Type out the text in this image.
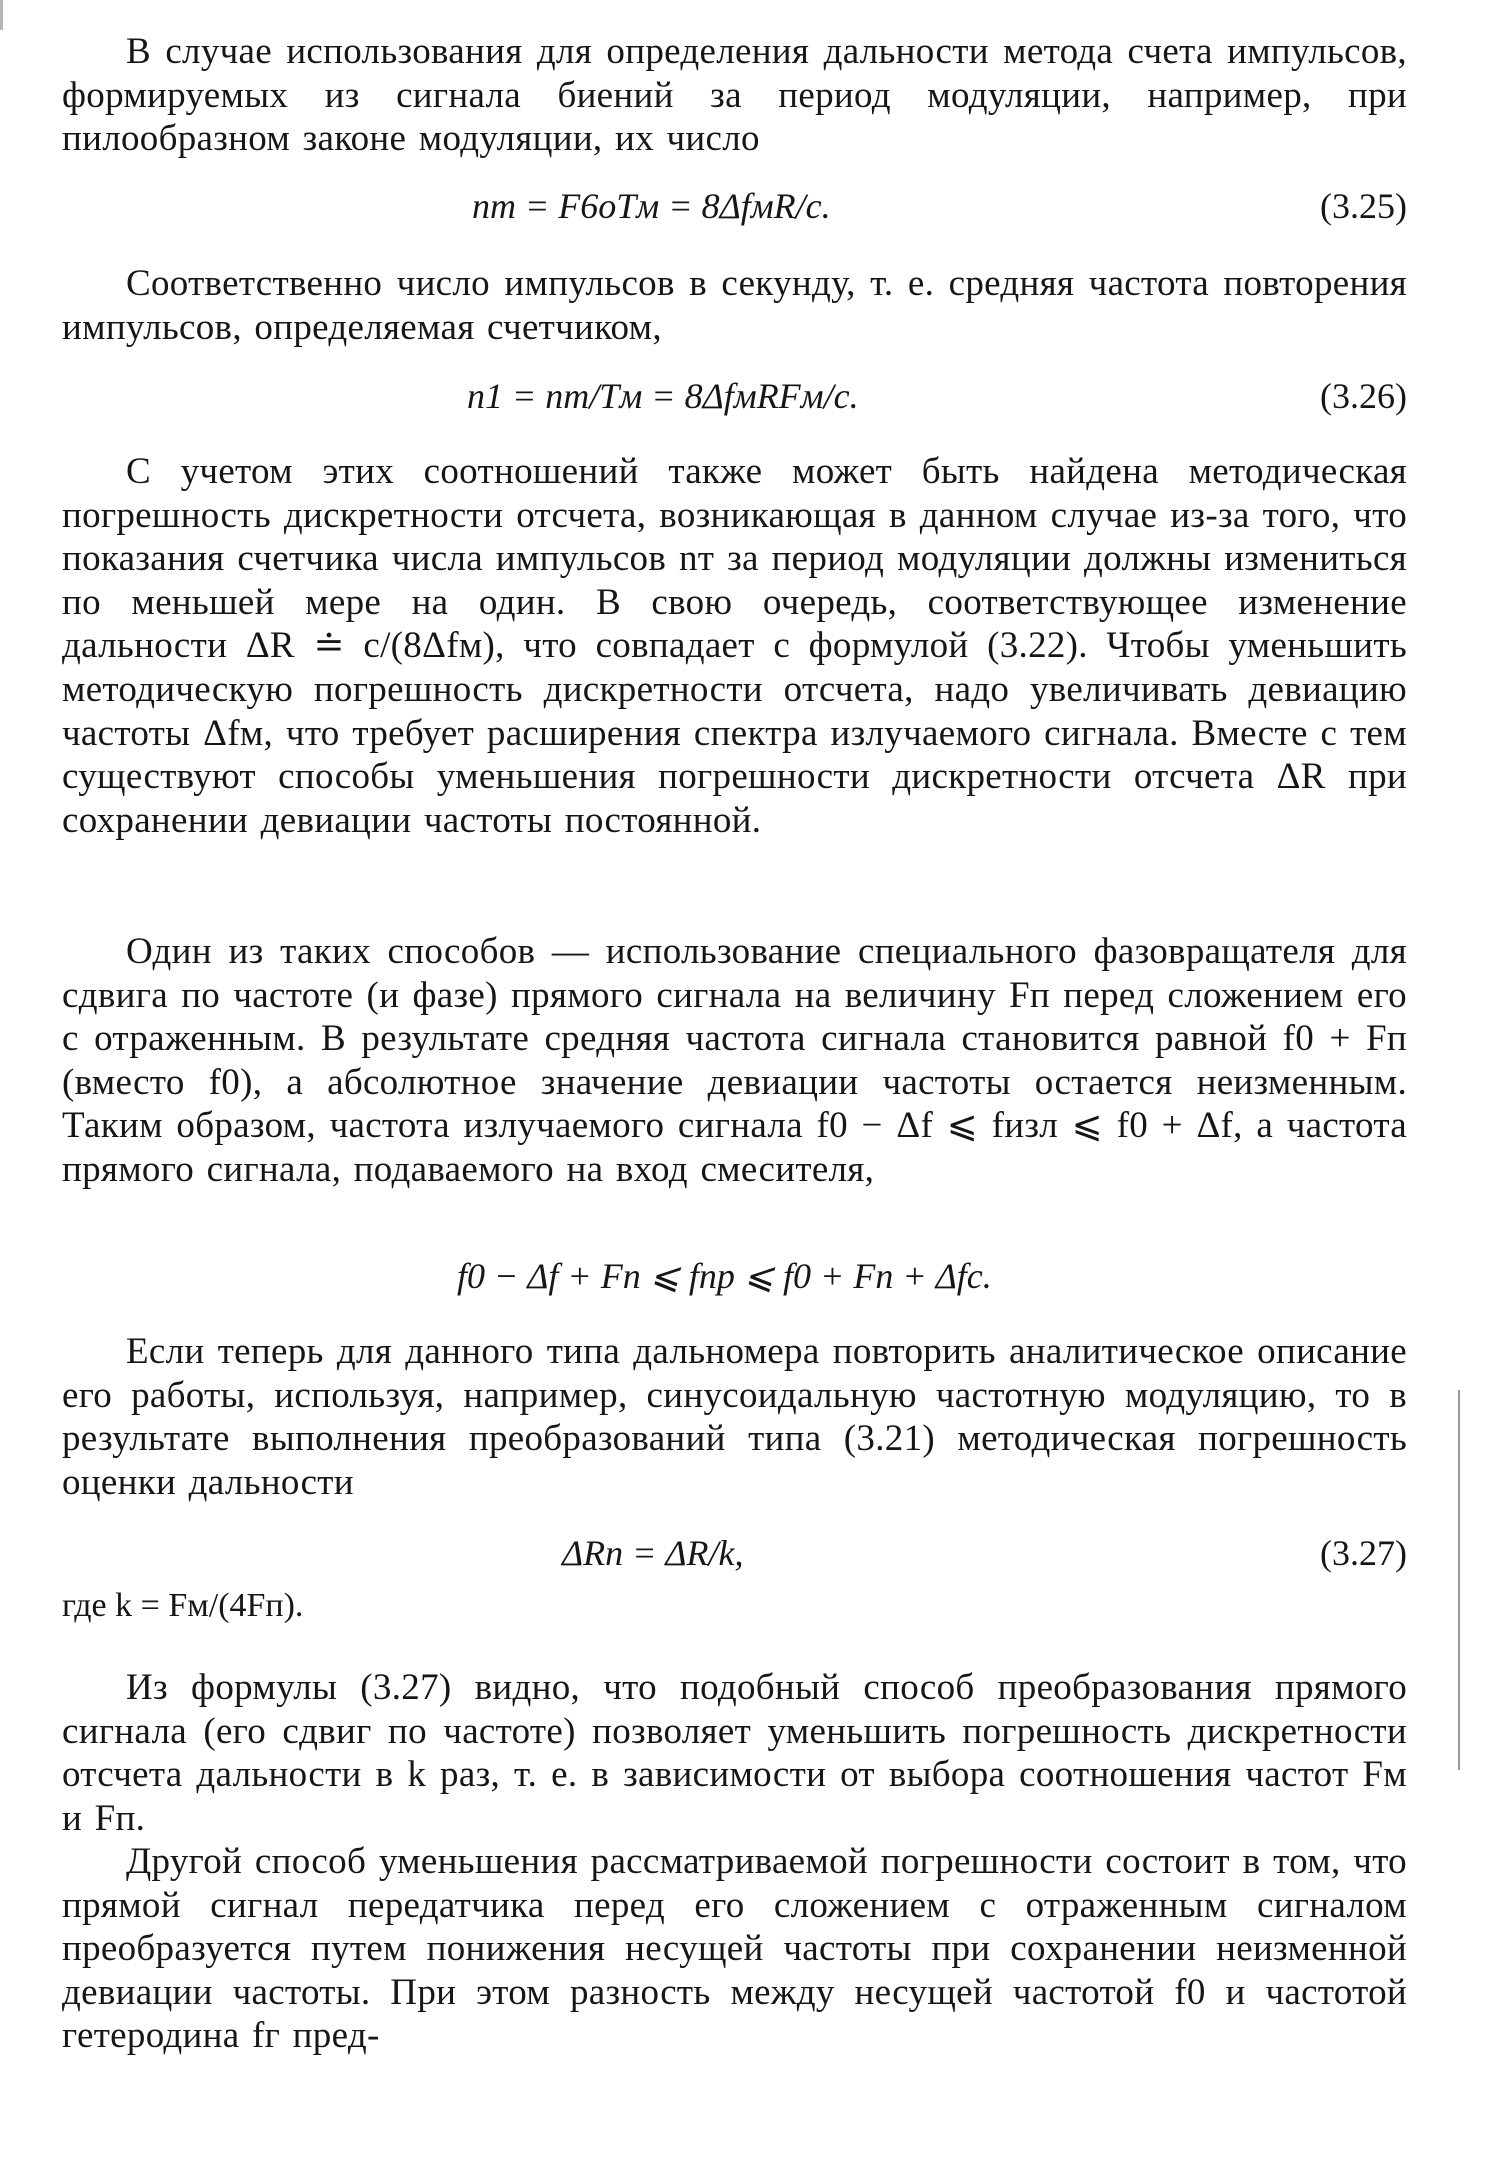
В случае использования для определения дальности метода счета импульсов, формируемых из сигнала биений за период модуляции, например, при пилообразном законе модуляции, их число
nт = F6оTм = 8ΔfмR/c.	(3.25)
Соответственно число импульсов в секунду, т. е. средняя частота повторения импульсов, определяемая счетчиком,
n1 = nт/Tм = 8ΔfмRFм/c.	(3.26)
С учетом этих соотношений также может быть найдена методическая погрешность дискретности отсчета, возникающая в данном случае из-за того, что показания счетчика числа импульсов nт за период модуляции должны измениться по меньшей мере на один. В свою очередь, соответствующее изменение дальности ΔR ≐ c/(8Δfм), что совпадает с формулой (3.22). Чтобы уменьшить методическую погрешность дискретности отсчета, надо увеличивать девиацию частоты Δfм, что требует расширения спектра излучаемого сигнала. Вместе с тем существуют способы уменьшения погрешности дискретности отсчета ΔR при сохранении девиации частоты постоянной.
Один из таких способов — использование специального фазовращателя для сдвига по частоте (и фазе) прямого сигнала на величину Fп перед сложением его с отраженным. В результате средняя частота сигнала становится равной f0 + Fп (вместо f0), а абсолютное значение девиации частоты остается неизменным. Таким образом, частота излучаемого сигнала f0 − Δf ⩽ fизл ⩽ f0 + Δf, а частота прямого сигнала, подаваемого на вход смесителя,
f0 − Δf + Fп ⩽ fпр ⩽ f0 + Fп + Δfc.
Если теперь для данного типа дальномера повторить аналитическое описание его работы, используя, например, синусоидальную частотную модуляцию, то в результате выполнения преобразований типа (3.21) методическая погрешность оценки дальности
ΔRп = ΔR/k,	(3.27)
где k = Fм/(4Fп).
Из формулы (3.27) видно, что подобный способ преобразования прямого сигнала (его сдвиг по частоте) позволяет уменьшить погрешность дискретности отсчета дальности в k раз, т. е. в зависимости от выбора соотношения частот Fм и Fп.
Другой способ уменьшения рассматриваемой погрешности состоит в том, что прямой сигнал передатчика перед его сложением с отраженным сигналом преобразуется путем понижения несущей частоты при сохранении неизменной девиации частоты. При этом разность между несущей частотой f0 и частотой гетеродина fг пред-
